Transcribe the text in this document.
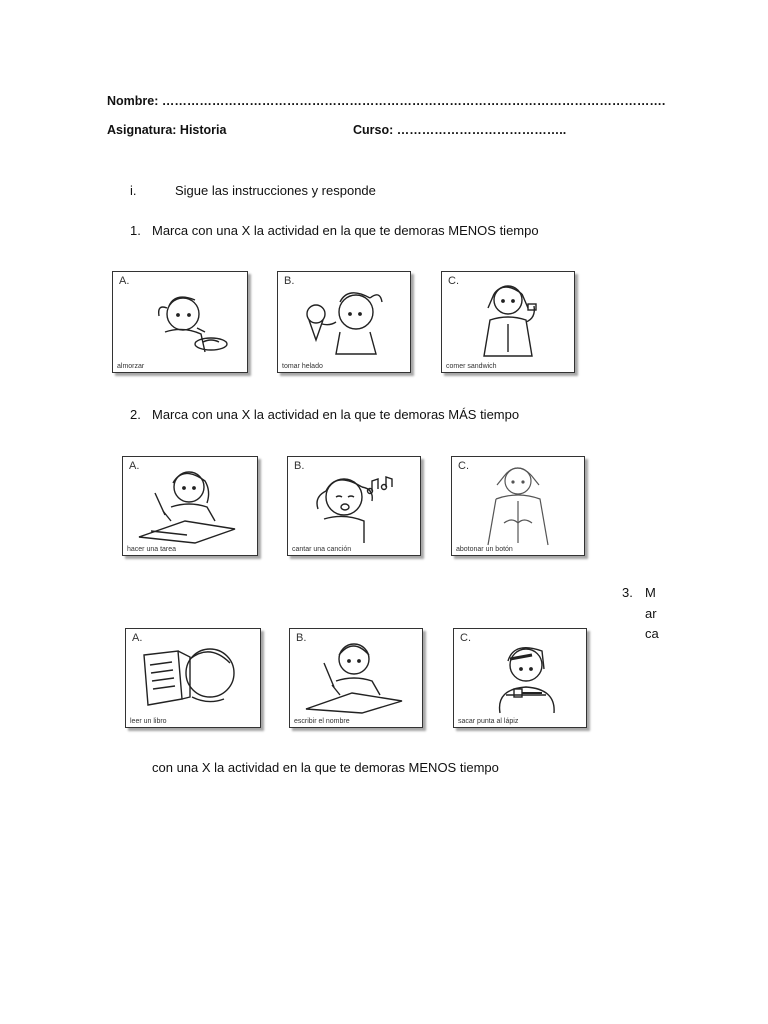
Nombre: ………………………………………………………………………………………………………….
Asignatura: Historia	Curso: …………………………………..
i.	Sigue las instrucciones y responde
1. Marca con una X la actividad en la que te demoras MENOS tiempo
A.
almorzar
B.
tomar helado
C.
comer sandwich
2. Marca con una X la actividad en la que te demoras MÁS tiempo
A.
hacer una tarea
B.
cantar una canción
C.
abotonar un botón
3. M
ar
ca
A.
leer un libro
B.
escribir el nombre
C.
sacar punta al lápiz
con una X la actividad en la que te demoras MENOS tiempo
